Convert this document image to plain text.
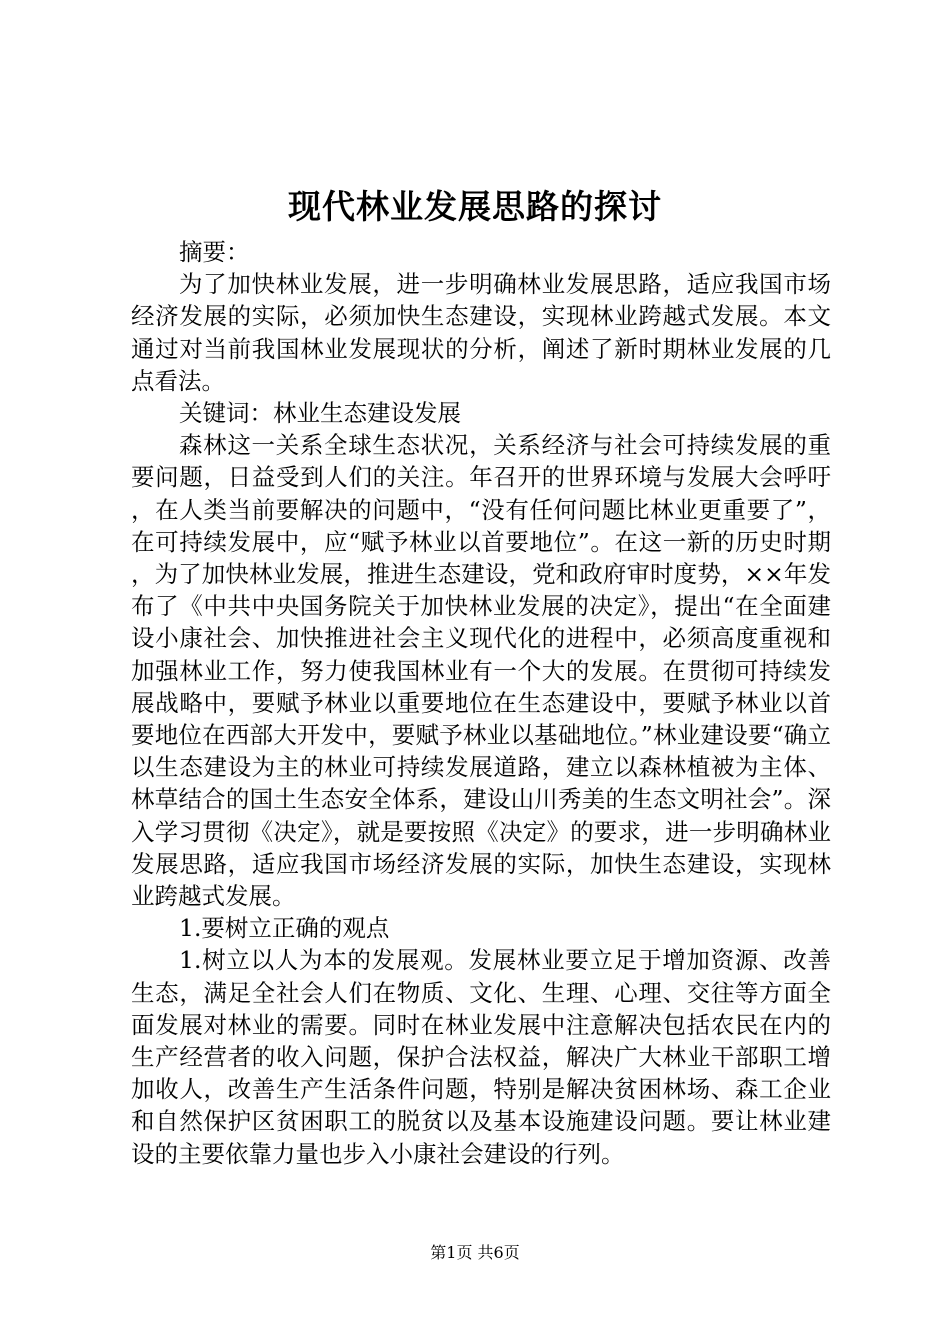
现代林业发展思路的探讨

摘要：

为了加快林业发展，进一步明确林业发展思路，适应我国市场经济发展的实际，必须加快生态建设，实现林业跨越式发展。本文通过对当前我国林业发展现状的分析，阐述了新时期林业发展的几点看法。

关键词：林业生态建设发展

森林这一关系全球生态状况，关系经济与社会可持续发展的重要问题，日益受到人们的关注。年召开的世界环境与发展大会呼吁，在人类当前要解决的问题中，“没有任何问题比林业更重要了”，在可持续发展中，应“赋予林业以首要地位”。在这一新的历史时期，为了加快林业发展，推进生态建设，党和政府审时度势，××年发布了《中共中央国务院关于加快林业发展的决定》，提出“在全面建设小康社会、加快推进社会主义现代化的进程中，必须高度重视和加强林业工作，努力使我国林业有一个大的发展。在贯彻可持续发展战略中，要赋予林业以重要地位在生态建设中，要赋予林业以首要地位在西部大开发中，要赋予林业以基础地位。”林业建设要“确立以生态建设为主的林业可持续发展道路，建立以森林植被为主体、林草结合的国土生态安全体系，建设山川秀美的生态文明社会”。深入学习贯彻《决定》，就是要按照《决定》的要求，进一步明确林业发展思路，适应我国市场经济发展的实际，加快生态建设，实现林业跨越式发展。

1.要树立正确的观点

1.树立以人为本的发展观。发展林业要立足于增加资源、改善生态，满足全社会人们在物质、文化、生理、心理、交往等方面全面发展对林业的需要。同时在林业发展中注意解决包括农民在内的生产经营者的收入问题，保护合法权益，解决广大林业干部职工增加收人，改善生产生活条件问题，特别是解决贫困林场、森工企业和自然保护区贫困职工的脱贫以及基本设施建设问题。要让林业建设的主要依靠力量也步入小康社会建设的行列。

第1页 共6页
